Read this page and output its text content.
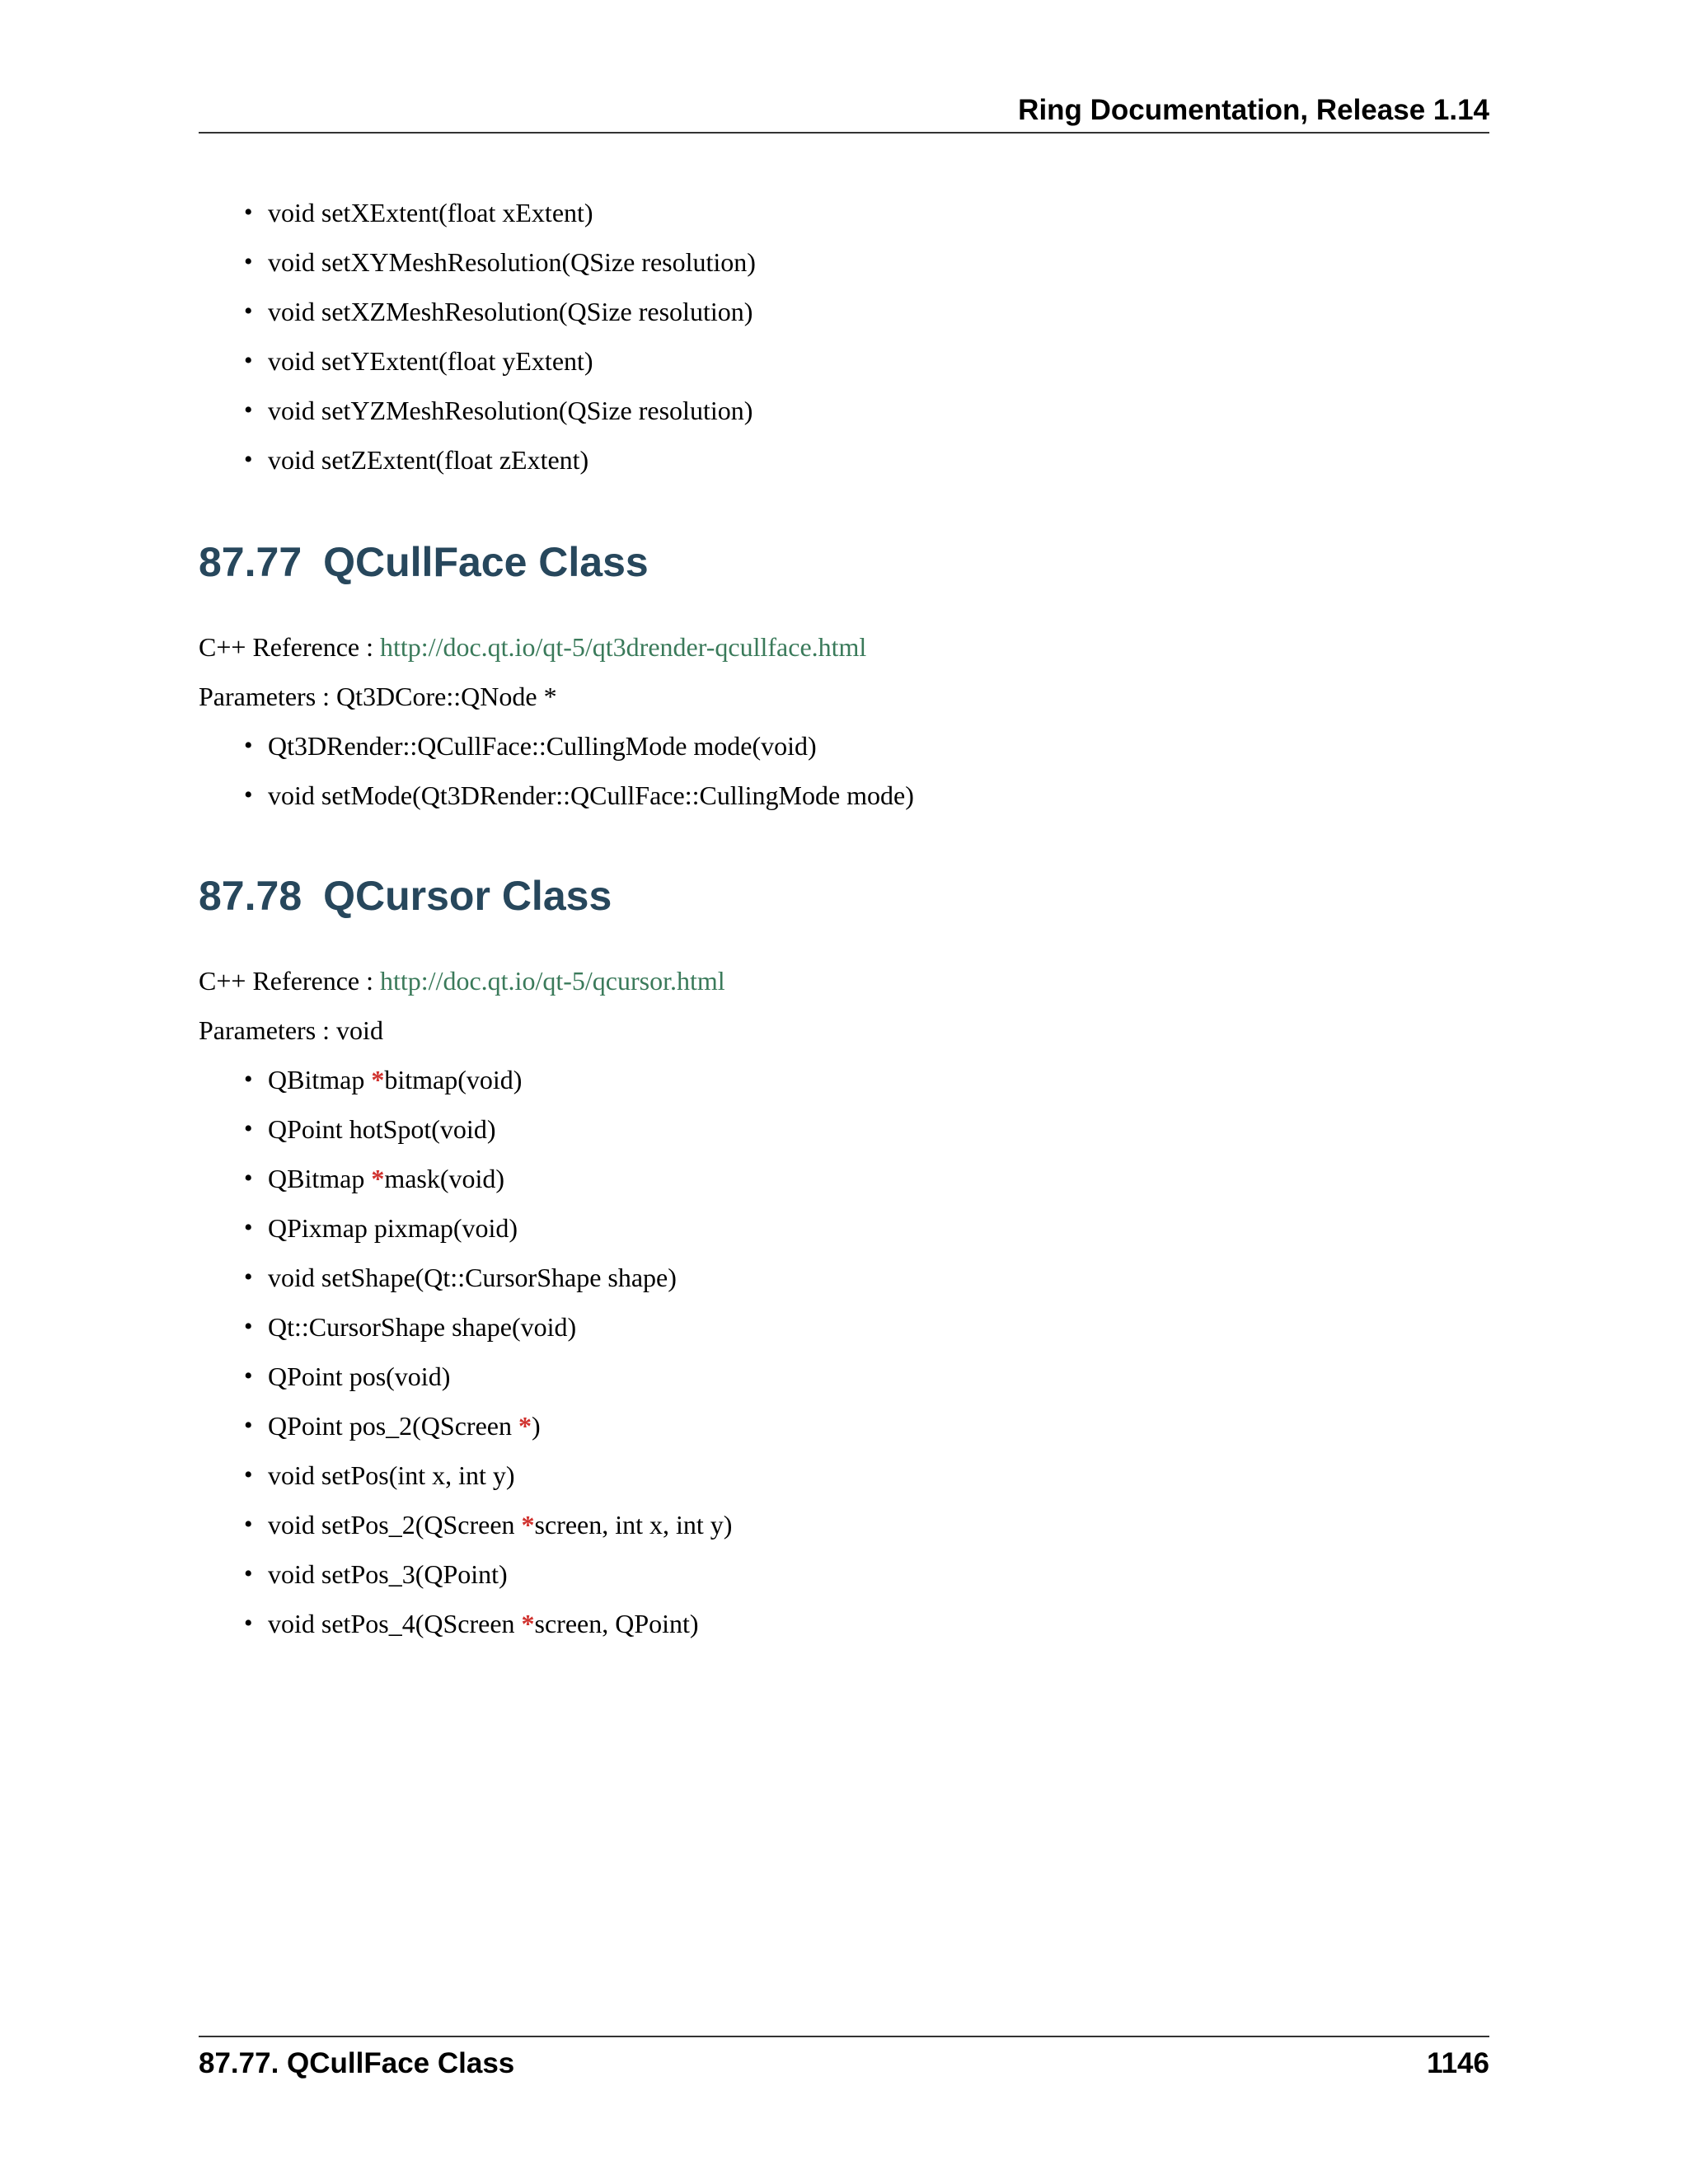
Ring Documentation, Release 1.14
• void setXExtent(float xExtent)
• void setXYMeshResolution(QSize resolution)
• void setXZMeshResolution(QSize resolution)
• void setYExtent(float yExtent)
• void setYZMeshResolution(QSize resolution)
• void setZExtent(float zExtent)
87.77 QCullFace Class
C++ Reference : http://doc.qt.io/qt-5/qt3drender-qcullface.html
Parameters : Qt3DCore::QNode *
• Qt3DRender::QCullFace::CullingMode mode(void)
• void setMode(Qt3DRender::QCullFace::CullingMode mode)
87.78 QCursor Class
C++ Reference : http://doc.qt.io/qt-5/qcursor.html
Parameters : void
• QBitmap *bitmap(void)
• QPoint hotSpot(void)
• QBitmap *mask(void)
• QPixmap pixmap(void)
• void setShape(Qt::CursorShape shape)
• Qt::CursorShape shape(void)
• QPoint pos(void)
• QPoint pos_2(QScreen *)
• void setPos(int x, int y)
• void setPos_2(QScreen *screen, int x, int y)
• void setPos_3(QPoint)
• void setPos_4(QScreen *screen, QPoint)
87.77. QCullFace Class	1146
